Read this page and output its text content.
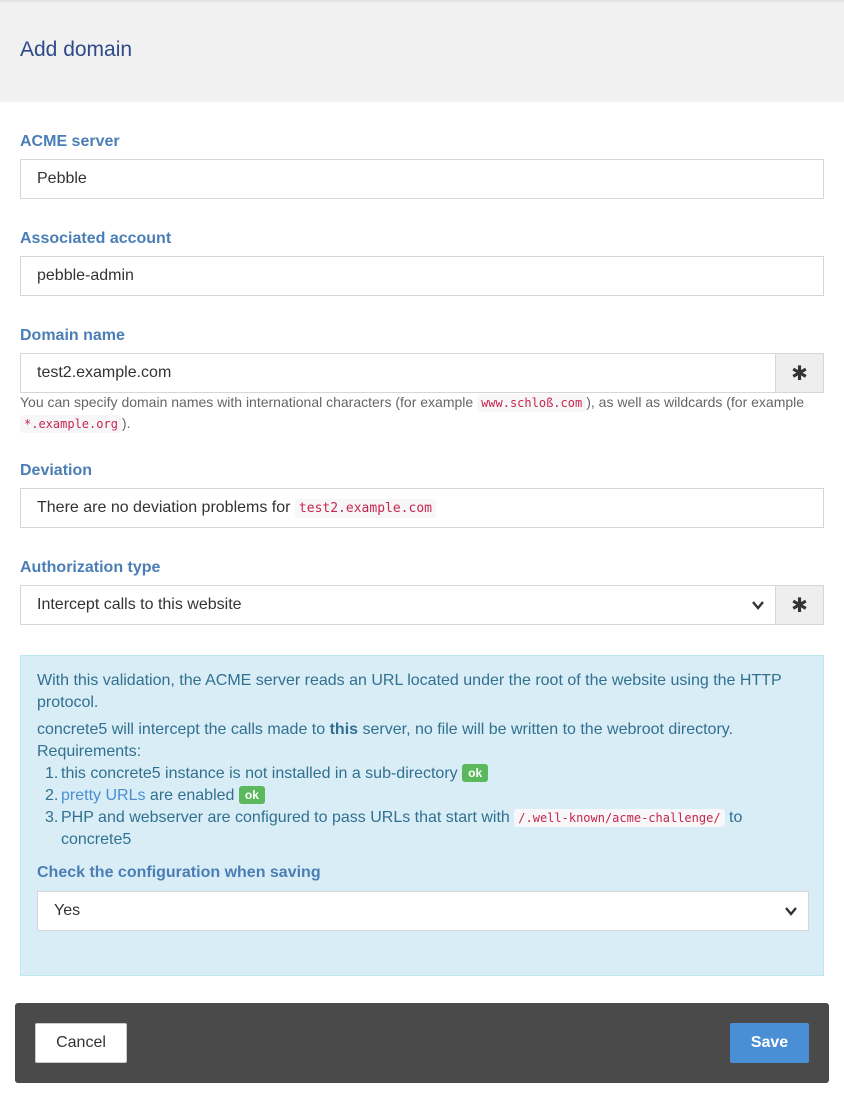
Add domain
ACME server
Pebble
Associated account
pebble-admin
Domain name
test2.example.com	✱
You can specify domain names with international characters (for example www.schloß.com ), as well as wildcards (for example
*.example.org ).
Deviation
There are no deviation problems for test2.example.com
Authorization type
Intercept calls to this website	✱
With this validation, the ACME server reads an URL located under the root of the website using the HTTP protocol.
concrete5 will intercept the calls made to this server, no file will be written to the webroot directory.
Requirements:
1. this concrete5 instance is not installed in a sub-directory ok
2. pretty URLs are enabled ok
3. PHP and webserver are configured to pass URLs that start with /.well-known/acme-challenge/ to
concrete5
Check the configuration when saving
Yes
Cancel	Save
